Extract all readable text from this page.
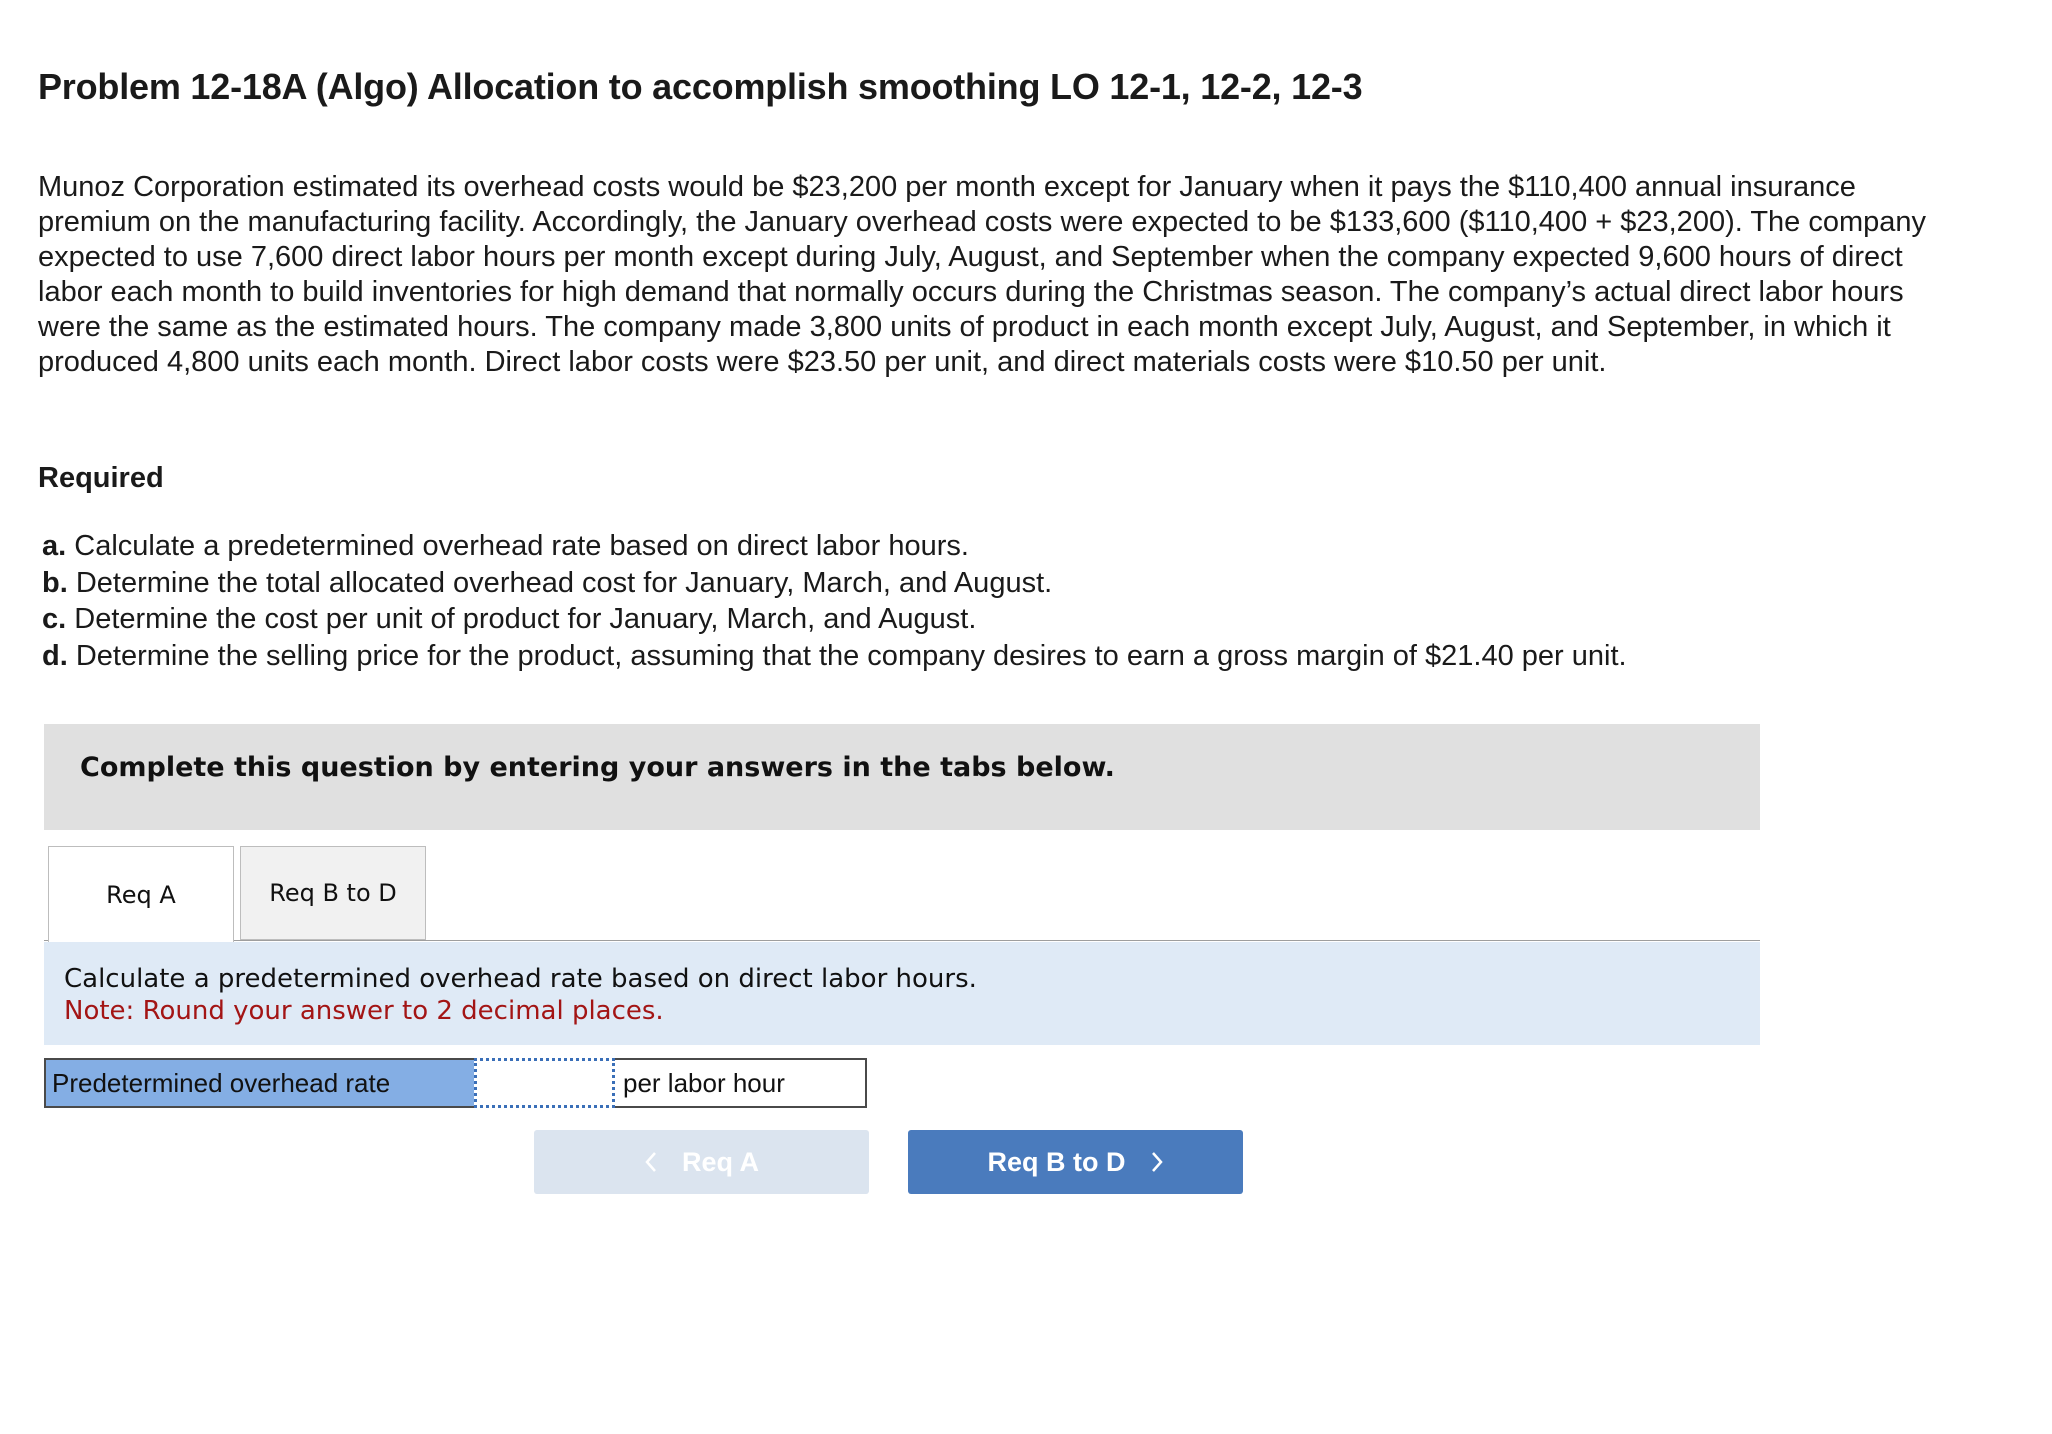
Problem 12-18A (Algo) Allocation to accomplish smoothing LO 12-1, 12-2, 12-3

Munoz Corporation estimated its overhead costs would be $23,200 per month except for January when it pays the $110,400 annual insurance premium on the manufacturing facility. Accordingly, the January overhead costs were expected to be $133,600 ($110,400 + $23,200). The company expected to use 7,600 direct labor hours per month except during July, August, and September when the company expected 9,600 hours of direct labor each month to build inventories for high demand that normally occurs during the Christmas season. The company’s actual direct labor hours were the same as the estimated hours. The company made 3,800 units of product in each month except July, August, and September, in which it produced 4,800 units each month. Direct labor costs were $23.50 per unit, and direct materials costs were $10.50 per unit.

Required
a. Calculate a predetermined overhead rate based on direct labor hours.
b. Determine the total allocated overhead cost for January, March, and August.
c. Determine the cost per unit of product for January, March, and August.
d. Determine the selling price for the product, assuming that the company desires to earn a gross margin of $21.40 per unit.
Complete this question by entering your answers in the tabs below.
Req A	Req B to D
Calculate a predetermined overhead rate based on direct labor hours.
Note: Round your answer to 2 decimal places.
Predetermined overhead rate	per labor hour
Req A	Req B to D
